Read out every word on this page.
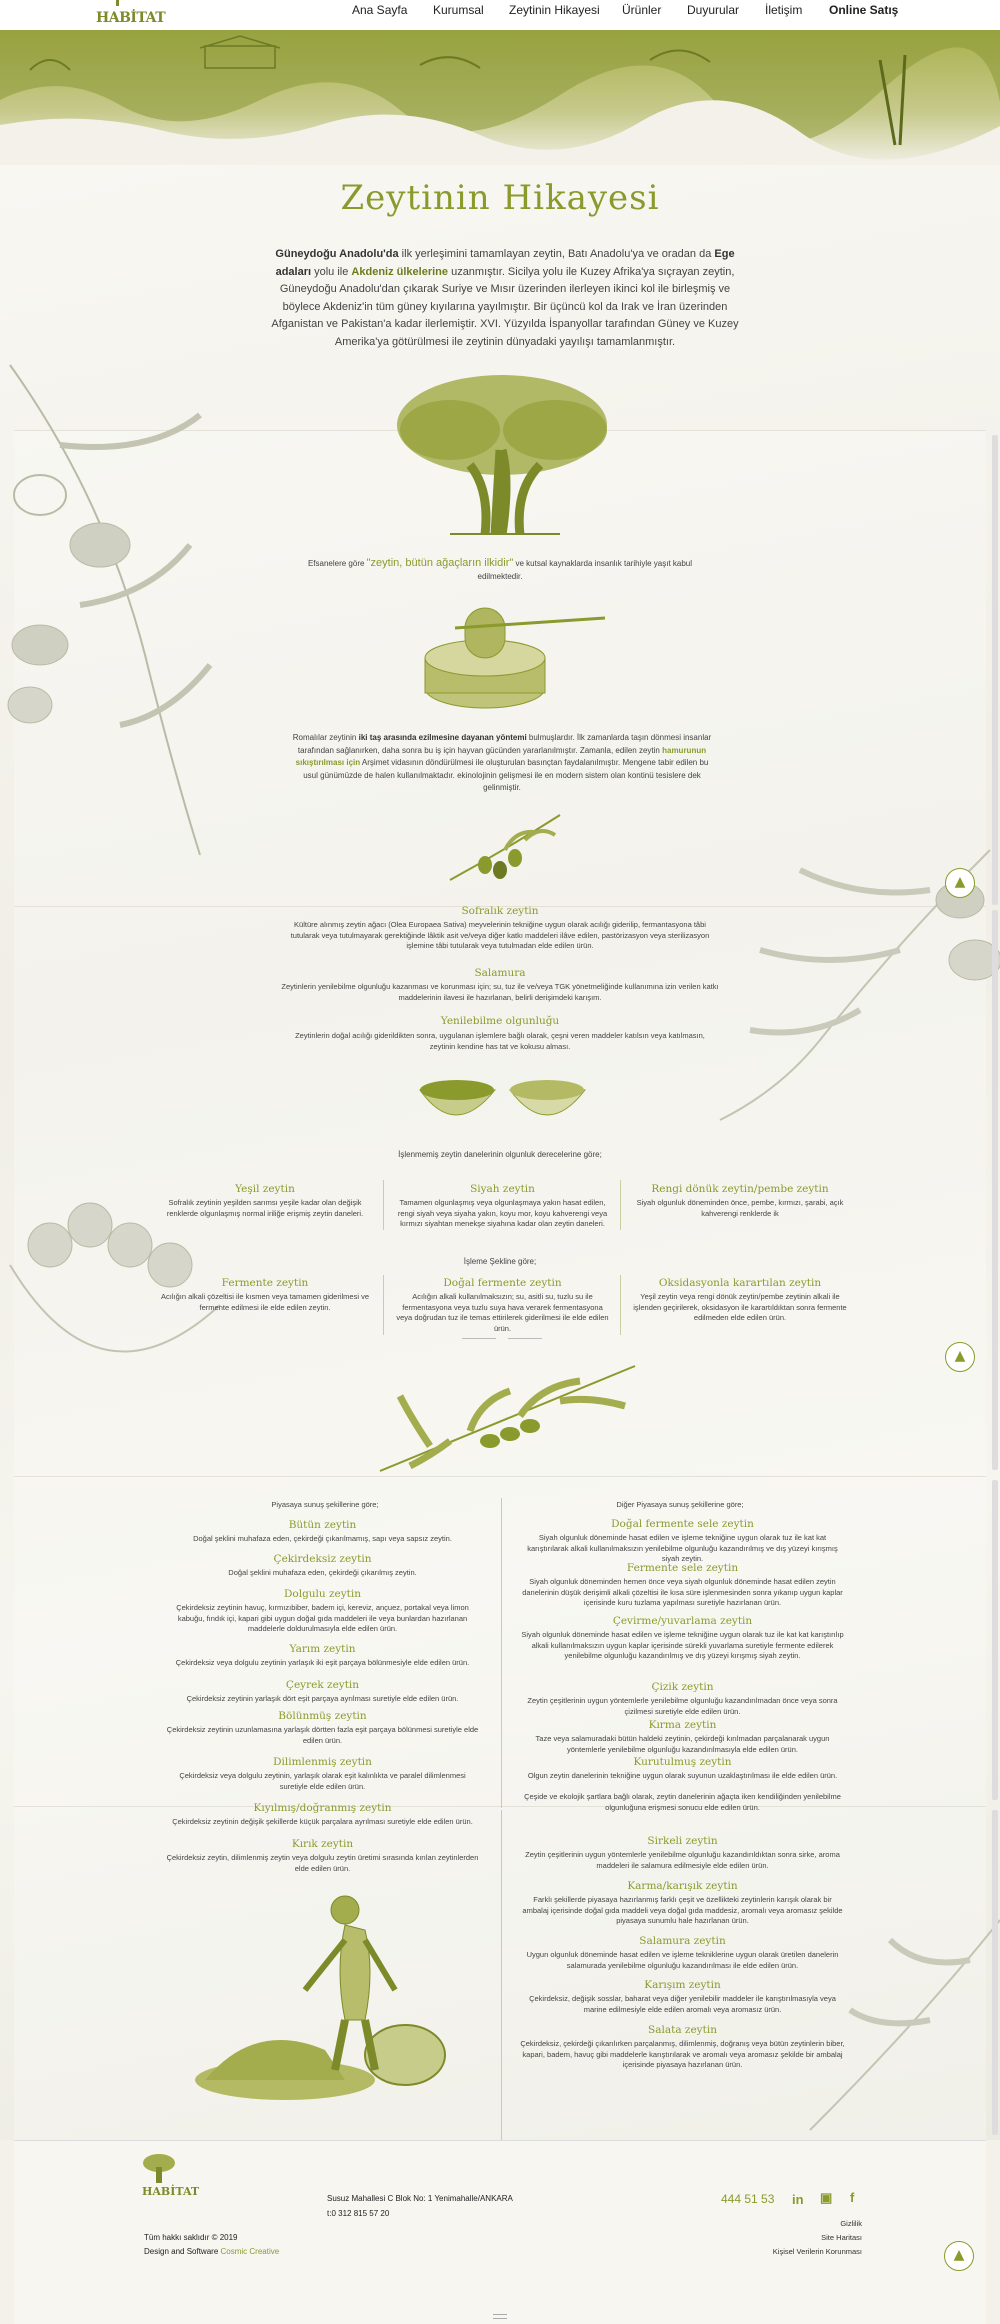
HABİTAT	Ana Sayfa Kurumsal Zeytinin Hikayesi Ürünler Duyurular İletişim Online Satış
Zeytinin Hikayesi

Güneydoğu Anadolu'da ilk yerleşimini tamamlayan zeytin, Batı Anadolu'ya ve oradan da Ege adaları yolu ile Akdeniz ülkelerine uzanmıştır. Sicilya yolu ile Kuzey Afrika'ya sıçrayan zeytin, Güneydoğu Anadolu'dan çıkarak Suriye ve Mısır üzerinden ilerleyen ikinci kol ile birleşmiş ve böylece Akdeniz'in tüm güney kıyılarına yayılmıştır. Bir üçüncü kol da Irak ve İran üzerinden Afganistan ve Pakistan'a kadar ilerlemiştir. XVI. Yüzyılda İspanyollar tarafından Güney ve Kuzey Amerika'ya götürülmesi ile zeytinin dünyadaki yayılışı tamamlanmıştır.

Efsanelere göre "zeytin, bütün ağaçların ilkidir" ve kutsal kaynaklarda insanlık tarihiyle yaşıt kabul edilmektedir.

Romalılar zeytinin iki taş arasında ezilmesine dayanan yöntemi bulmuşlardır. İlk zamanlarda taşın dönmesi insanlar tarafından sağlanırken, daha sonra bu iş için hayvan gücünden yararlanılmıştır. Zamanla, edilen zeytin hamurunun sıkıştırılması için Arşimet vidasının döndürülmesi ile oluşturulan basınçtan faydalanılmıştır. Mengene tabir edilen bu usul günümüzde de halen kullanılmaktadır. ekinolojinin gelişmesi ile en modern sistem olan kontinü tesislere dek gelinmiştir.

Sofralık zeytin
Kültüre alınmış zeytin ağacı (Olea Europaea Sativa) meyvelerinin tekniğine uygun olarak acılığı giderilip, fermantasyona tâbi tutularak veya tutulmayarak gerektiğinde lâktik asit ve/veya diğer katkı maddeleri ilâve edilen, pastörizasyon veya sterilizasyon işlemine tâbi tutularak veya tutulmadan elde edilen ürün.
Salamura
Zeytinlerin yenilebilme olgunluğu kazanması ve korunması için; su, tuz ile ve/veya TGK yönetmeliğinde kullanımına izin verilen katkı maddelerinin ilavesi ile hazırlanan, belirli derişimdeki karışım.
Yenilebilme olgunluğu
Zeytinlerin doğal acılığı giderildikten sonra, uygulanan işlemlere bağlı olarak, çeşni veren maddeler katılsın veya katılmasın, zeytinin kendine has tat ve kokusu alması.
İşlenmemiş zeytin danelerinin olgunluk derecelerine göre;
Yeşil zeytin
Sofralık zeytinin yeşilden sarımsı yeşile kadar olan değişik renklerde olgunlaşmış normal iriliğe erişmiş zeytin daneleri.
Siyah zeytin
Tamamen olgunlaşmış veya olgunlaşmaya yakın hasat edilen, rengi siyah veya siyaha yakın, koyu mor, koyu kahverengi veya kırmızı siyahtan menekşe siyahına kadar olan zeytin daneleri.
Rengi dönük zeytin/pembe zeytin
Siyah olgunluk döneminden önce, pembe, kırmızı, şarabi, açık kahverengi renklerde ik
İşleme Şekline göre;
Fermente zeytin
Acılığın alkali çözeltisi ile kısmen veya tamamen giderilmesi ve fermente edilmesi ile elde edilen zeytin.
Doğal fermente zeytin
Acılığın alkali kullanılmaksızın; su, asitli su, tuzlu su ile fermentasyona veya tuzlu suya hava verarek fermentasyona veya doğrudan tuz ile temas ettirilerek giderilmesi ile elde edilen ürün.
Oksidasyonla karartılan zeytin
Yeşil zeytin veya rengi dönük zeytin/pembe zeytinin alkali ile işlenden geçirilerek, oksidasyon ile karartıldıktan sonra fermente edilmeden elde edilen ürün.
Piyasaya sunuş şekillerine göre;	Diğer Piyasaya sunuş şekillerine göre;
Bütün zeytin
Doğal şeklini muhafaza eden, çekirdeği çıkarılmamış, sapı veya sapsız zeytin.
Çekirdeksiz zeytin
Doğal şeklini muhafaza eden, çekirdeği çıkarılmış zeytin.
Dolgulu zeytin
Çekirdeksiz zeytinin havuç, kırmızıbiber, badem içi, kereviz, ançuez, portakal veya limon kabuğu, fındık içi, kapari gibi uygun doğal gıda maddeleri ile veya bunlardan hazırlanan maddelerle doldurulmasıyla elde edilen ürün.
Yarım zeytin
Çekirdeksiz veya dolgulu zeytinin yarlaşık iki eşit parçaya bölünmesiyle elde edilen ürün.
Çeyrek zeytin
Çekirdeksiz zeytinin yarlaşık dört eşit parçaya ayrılması suretiyle elde edilen ürün.
Bölünmüş zeytin
Çekirdeksiz zeytinin uzunlamasına yarlaşık dörtten fazla eşit parçaya bölünmesi suretiyle elde edilen ürün.
Dilimlenmiş zeytin
Çekirdeksiz veya dolgulu zeytinin, yarlaşık olarak eşit kalınlıkta ve paralel dilimlenmesi suretiyle elde edilen ürün.
Kıyılmış/doğranmış zeytin
Çekirdeksiz zeytinin değişik şekillerde küçük parçalara ayrılması suretiyle elde edilen ürün.
Kırık zeytin
Çekirdeksiz zeytin, dilimlenmiş zeytin veya dolgulu zeytin üretimi sırasında kırılan zeytinlerden elde edilen ürün.
Doğal fermente sele zeytin
Siyah olgunluk döneminde hasat edilen ve işleme tekniğine uygun olarak tuz ile kat kat karıştırılarak alkali kullanılmaksızın yenilebilme olgunluğu kazandırılmış ve dış yüzeyi kırışmış siyah zeytin.
Fermente sele zeytin
Siyah olgunluk döneminden hemen önce veya siyah olgunluk döneminde hasat edilen zeytin danelerinin düşük derişimli alkali çözeltisi ile kısa süre işlenmesinden sonra yıkanıp uygun kaplar içerisinde kuru tuzlama yapılması suretiyle hazırlanan ürün.
Çevirme/yuvarlama zeytin
Siyah olgunluk döneminde hasat edilen ve işleme tekniğine uygun olarak tuz ile kat kat karıştırılıp alkali kullanılmaksızın uygun kaplar içerisinde sürekli yuvarlama suretiyle fermente edilerek yenilebilme olgunluğu kazandırılmış ve dış yüzeyi kırışmış siyah zeytin.
Çizik zeytin
Zeytin çeşitlerinin uygun yöntemlerle yenilebilme olgunluğu kazandırılmadan önce veya sonra çizilmesi suretiyle elde edilen ürün.
Kırma zeytin
Taze veya salamuradaki bütün haldeki zeytinin, çekirdeği kırılmadan parçalanarak uygun yöntemlerle yenilebilme olgunluğu kazandırılmasıyla elde edilen ürün.
Kurutulmuş zeytin
Olgun zeytin danelerinin tekniğine uygun olarak suyunun uzaklaştırılması ile elde edilen ürün.
Çeşide ve ekolojik şartlara bağlı olarak, zeytin danelerinin ağaçta iken kendiliğinden yenilebilme olgunluğuna erişmesi sonucu elde edilen ürün.
Sirkeli zeytin
Zeytin çeşitlerinin uygun yöntemlerle yenilebilme olgunluğu kazandırıldıktan sonra sirke, aroma maddeleri ile salamura edilmesiyle elde edilen ürün.
Karma/karışık zeytin
Farklı şekillerde piyasaya hazırlanmış farklı çeşit ve özellikteki zeytinlerin karışık olarak bir ambalaj içerisinde doğal gıda maddeli veya doğal gıda maddesiz, aromalı veya aromasız şekilde piyasaya sunumlu hale hazırlanan ürün.
Salamura zeytin
Uygun olgunluk döneminde hasat edilen ve işleme tekniklerine uygun olarak üretilen danelerin salamurada yenilebilme olgunluğu kazandırılması ile elde edilen ürün.
Karışım zeytin
Çekirdeksiz, değişik sosslar, baharat veya diğer yenilebilir maddeler ile karıştırılmasıyla veya marine edilmesiyle elde edilen aromalı veya aromasız ürün.
Salata zeytin
Çekirdeksiz, çekirdeği çıkarılırken parçalanmış, dilimlenmiş, doğranış veya bütün zeytinlerin biber, kapari, badem, havuç gibi maddelerle karıştırılarak ve aromalı veya aromasız şekilde bir ambalaj içerisinde piyasaya hazırlanan ürün.
▲
▲
HABİTAT
Susuz Mahallesi C Blok No: 1 Yenimahalle/ANKARA
t:0 312 815 57 20
444 51 53 in ▣ f
Tüm hakkı saklıdır © 2019
Design and Software Cosmic Creative
Gizlilik
Site Haritası
Kişisel Verilerin Korunması	▲
